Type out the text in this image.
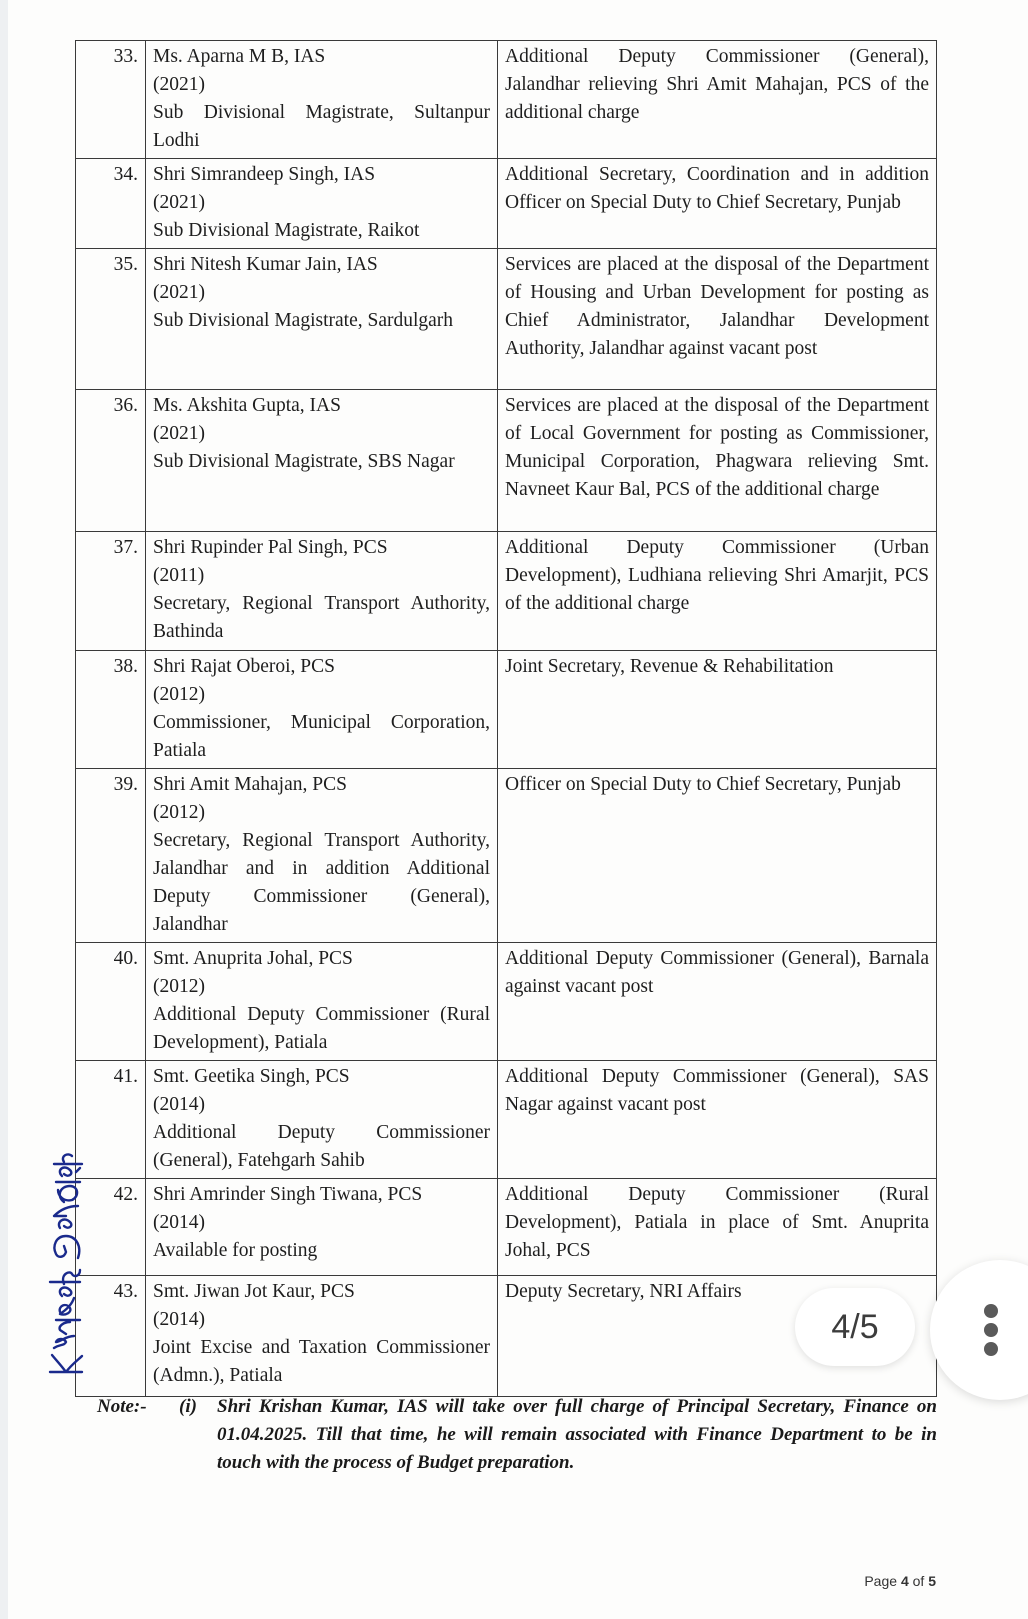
33.	Ms. Aparna M B, IAS
(2021)
Sub Divisional Magistrate, Sultanpur Lodhi	Additional Deputy Commissioner (General), Jalandhar relieving Shri Amit Mahajan, PCS of the additional charge
34.	Shri Simrandeep Singh, IAS
(2021)
Sub Divisional Magistrate, Raikot	Additional Secretary, Coordination and in addition Officer on Special Duty to Chief Secretary, Punjab
35.	Shri Nitesh Kumar Jain, IAS
(2021)
Sub Divisional Magistrate, Sardulgarh	Services are placed at the disposal of the Department of Housing and Urban Development for posting as Chief Administrator, Jalandhar Development Authority, Jalandhar against vacant post
36.	Ms. Akshita Gupta, IAS
(2021)
Sub Divisional Magistrate, SBS Nagar	Services are placed at the disposal of the Department of Local Government for posting as Commissioner, Municipal Corporation, Phagwara relieving Smt. Navneet Kaur Bal, PCS of the additional charge
37.	Shri Rupinder Pal Singh, PCS
(2011)
Secretary, Regional Transport Authority, Bathinda	Additional Deputy Commissioner (Urban Development), Ludhiana relieving Shri Amarjit, PCS of the additional charge
38.	Shri Rajat Oberoi, PCS
(2012)
Commissioner, Municipal Corporation, Patiala	Joint Secretary, Revenue & Rehabilitation
39.	Shri Amit Mahajan, PCS
(2012)
Secretary, Regional Transport Authority, Jalandhar and in addition Additional Deputy Commissioner (General), Jalandhar	Officer on Special Duty to Chief Secretary, Punjab
40.	Smt. Anuprita Johal, PCS
(2012)
Additional Deputy Commissioner (Rural Development), Patiala	Additional Deputy Commissioner (General), Barnala against vacant post
41.	Smt. Geetika Singh, PCS
(2014)
Additional Deputy Commissioner (General), Fatehgarh Sahib	Additional Deputy Commissioner (General), SAS Nagar against vacant post
42.	Shri Amrinder Singh Tiwana, PCS
(2014)
Available for posting	Additional Deputy Commissioner (Rural Development), Patiala in place of Smt. Anuprita Johal, PCS
43.	Smt. Jiwan Jot Kaur, PCS
(2014)
Joint Excise and Taxation Commissioner (Admn.), Patiala	Deputy Secretary, NRI Affairs
Note:- (i) Shri Krishan Kumar, IAS will take over full charge of Principal Secretary, Finance on 01.04.2025. Till that time, he will remain associated with Finance Department to be in touch with the process of Budget preparation.
Page 4 of 5
4/5
